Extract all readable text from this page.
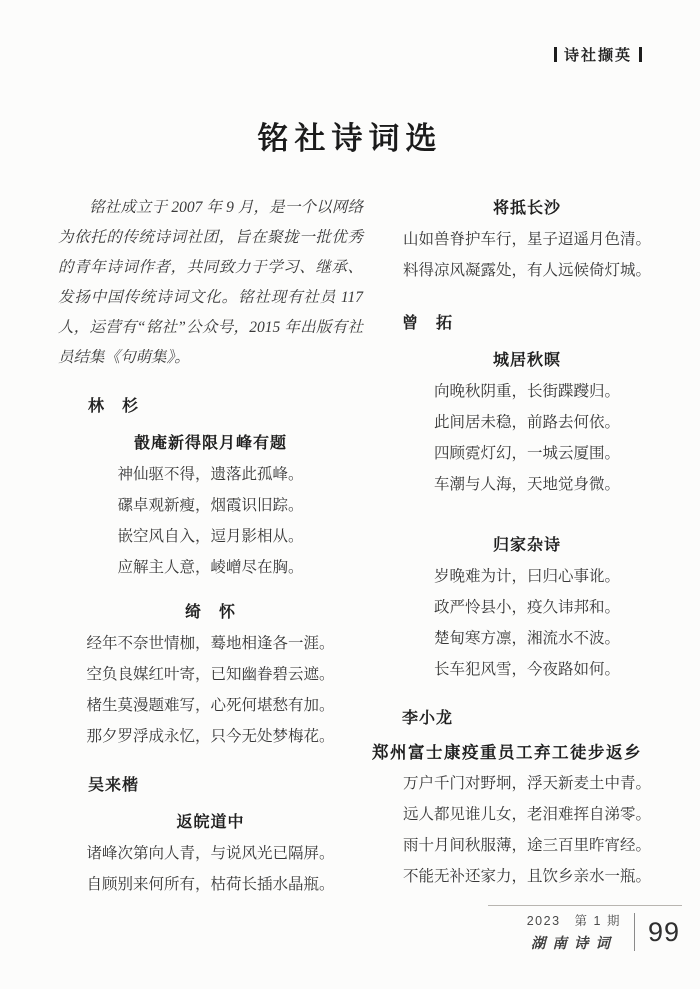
诗社撷英
铭社诗词选

铭社成立于 2007 年 9 月，是一个以网络为依托的传统诗词社团，旨在聚拢一批优秀的青年诗词作者，共同致力于学习、继承、发扬中国传统诗词文化。铭社现有社员 117 人，运营有“铭社”公众号，2015 年出版有社员结集《句萌集》。

林　杉
瞉庵新得限月峰有题
神仙驱不得，遗落此孤峰。
磥卓观新瘦，烟霞识旧踪。
嵌空风自入，逗月影相从。
应解主人意，崚嶒尽在胸。
绮　怀
经年不奈世情枷，蓦地相逢各一涯。
空负良媒红叶寄，已知幽眷碧云遮。
楮生莫漫题难写，心死何堪愁有加。
那夕罗浮成永忆，只今无处梦梅花。
吴来楷
返皖道中
诸峰次第向人青，与说风光已隔屏。
自顾别来何所有，枯荷长插水晶瓶。
将抵长沙
山如兽脊护车行，星子迢遥月色清。
料得凉风凝露处，有人远候倚灯城。
曾　拓
城居秋暝
向晚秋阴重，长街蹀躞归。
此间居未稳，前路去何依。
四顾霓灯幻，一城云厦围。
车潮与人海，天地觉身微。
归家杂诗
岁晚难为计，曰归心事讹。
政严怜县小，疫久讳邦和。
楚甸寒方凛，湘流水不波。
长车犯风雪，今夜路如何。
李小龙
郑州富士康疫重员工弃工徒步返乡
万户千门对野坰，浮天新麦土中青。
远人都见谁儿女，老泪难挥自涕零。
雨十月间秋服薄，途三百里昨宵经。
不能无补还家力，且饮乡亲水一瓶。
2023　第 1 期
湖南诗词 99
